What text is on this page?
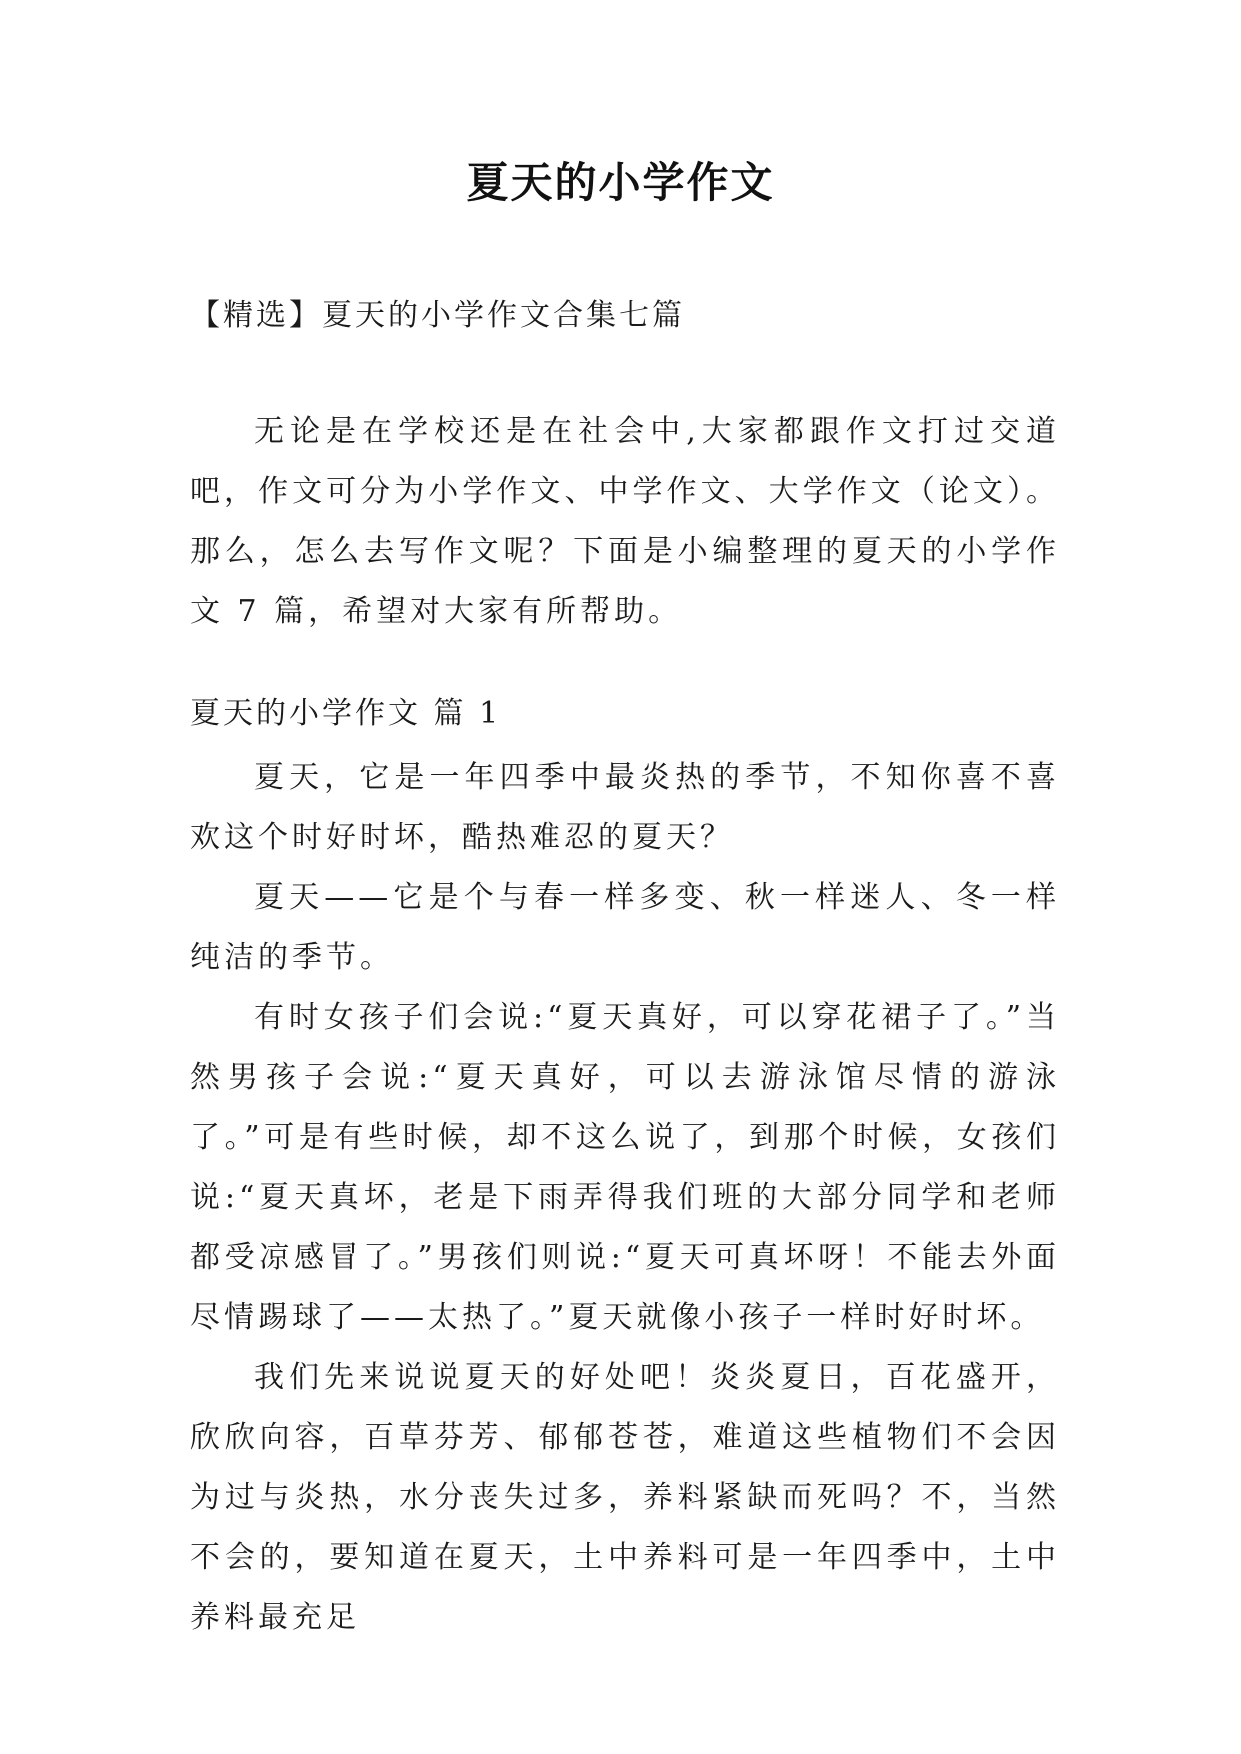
夏天的小学作文

【精选】夏天的小学作文合集七篇

无论是在学校还是在社会中,大家都跟作文打过交道吧，作文可分为小学作文、中学作文、大学作文（论文）。那么，怎么去写作文呢？下面是小编整理的夏天的小学作文 7 篇，希望对大家有所帮助。

夏天的小学作文 篇 1

夏天，它是一年四季中最炎热的季节，不知你喜不喜欢这个时好时坏，酷热难忍的夏天？

夏天——它是个与春一样多变、秋一样迷人、冬一样纯洁的季节。

有时女孩子们会说:“夏天真好，可以穿花裙子了。”当然男孩子会说:“夏天真好，可以去游泳馆尽情的游泳了。”可是有些时候，却不这么说了，到那个时候，女孩们说:“夏天真坏，老是下雨弄得我们班的大部分同学和老师都受凉感冒了。”男孩们则说:“夏天可真坏呀！不能去外面尽情踢球了——太热了。”夏天就像小孩子一样时好时坏。

我们先来说说夏天的好处吧！炎炎夏日，百花盛开，欣欣向容，百草芬芳、郁郁苍苍，难道这些植物们不会因为过与炎热，水分丧失过多，养料紧缺而死吗？不，当然不会的，要知道在夏天，土中养料可是一年四季中，土中养料最充足
